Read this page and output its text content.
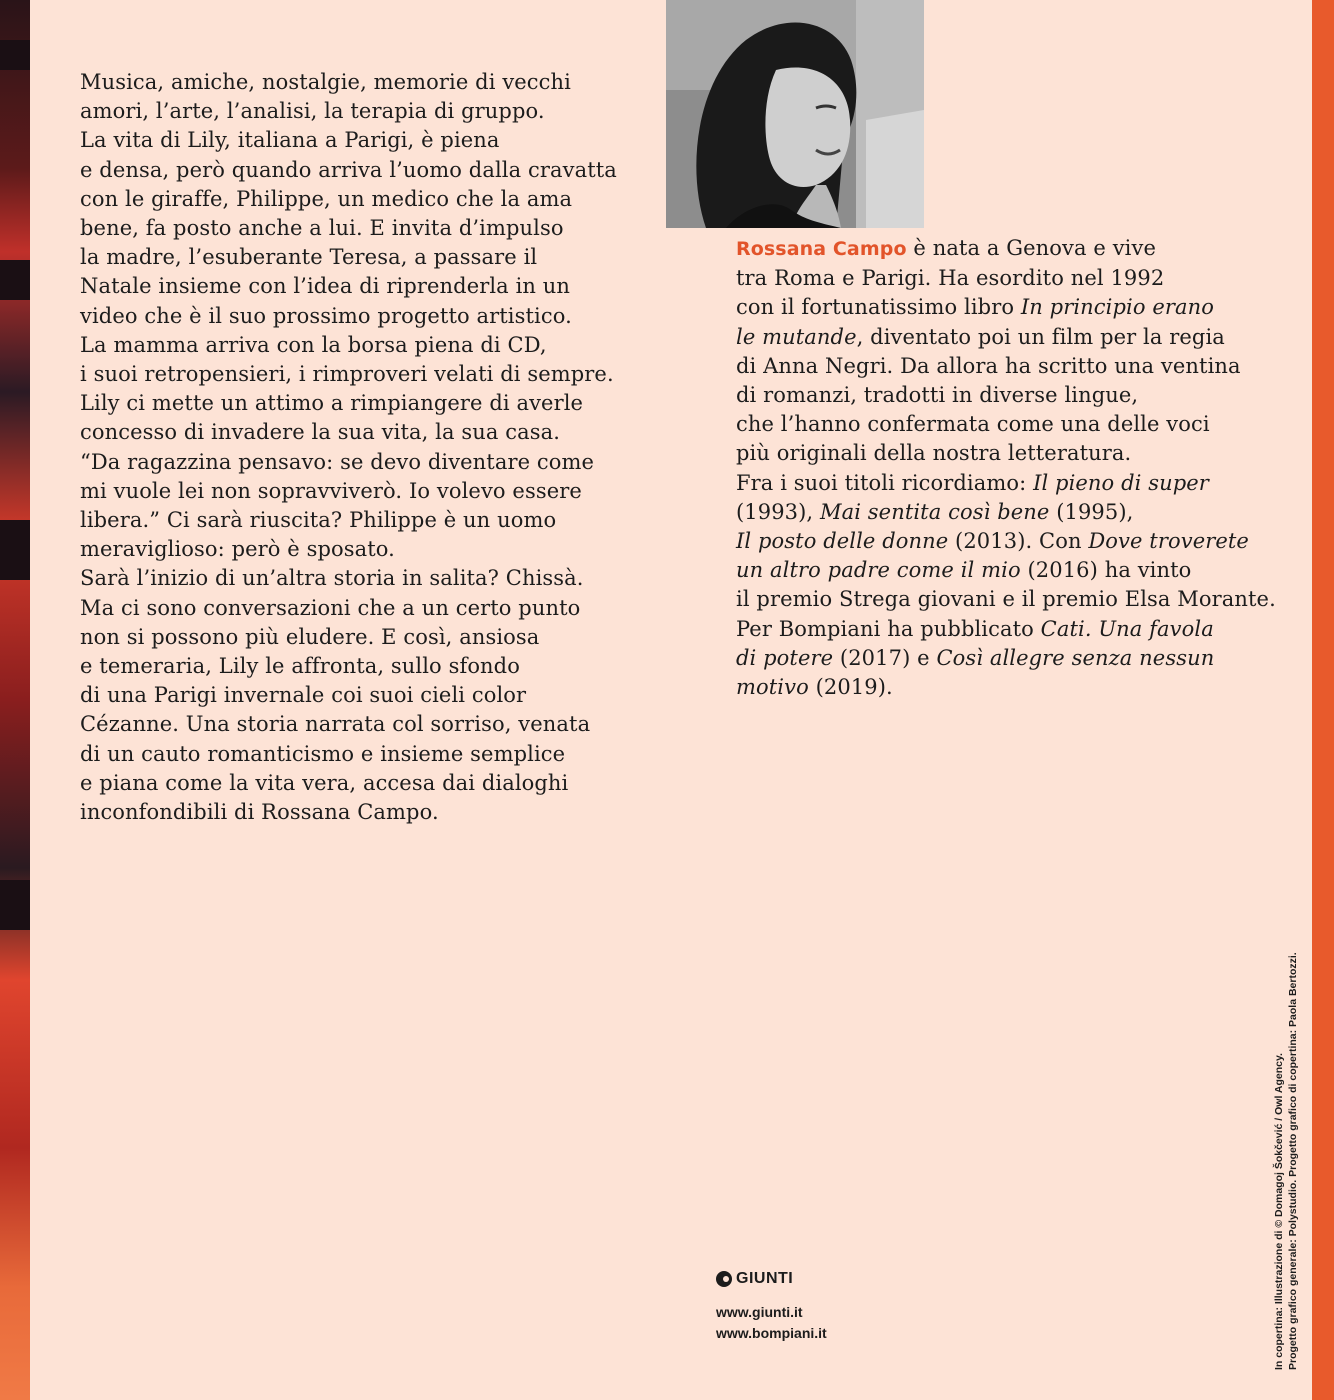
Musica, amiche, nostalgie, memorie di vecchi
amori, l’arte, l’analisi, la terapia di gruppo.
La vita di Lily, italiana a Parigi, è piena
e densa, però quando arriva l’uomo dalla cravatta
con le giraffe, Philippe, un medico che la ama
bene, fa posto anche a lui. E invita d’impulso
la madre, l’esuberante Teresa, a passare il
Natale insieme con l’idea di riprenderla in un
video che è il suo prossimo progetto artistico.
La mamma arriva con la borsa piena di CD,
i suoi retropensieri, i rimproveri velati di sempre.
Lily ci mette un attimo a rimpiangere di averle
concesso di invadere la sua vita, la sua casa.
“Da ragazzina pensavo: se devo diventare come
mi vuole lei non sopravviverò. Io volevo essere
libera.” Ci sarà riuscita? Philippe è un uomo
meraviglioso: però è sposato.
Sarà l’inizio di un’altra storia in salita? Chissà.
Ma ci sono conversazioni che a un certo punto
non si possono più eludere. E così, ansiosa
e temeraria, Lily le affronta, sullo sfondo
di una Parigi invernale coi suoi cieli color
Cézanne. Una storia narrata col sorriso, venata
di un cauto romanticismo e insieme semplice
e piana come la vita vera, accesa dai dialoghi
inconfondibili di Rossana Campo.
Rossana Campo è nata a Genova e vive
tra Roma e Parigi. Ha esordito nel 1992
con il fortunatissimo libro In principio erano
le mutande, diventato poi un film per la regia
di Anna Negri. Da allora ha scritto una ventina
di romanzi, tradotti in diverse lingue,
che l’hanno confermata come una delle voci
più originali della nostra letteratura.
Fra i suoi titoli ricordiamo: Il pieno di super
(1993), Mai sentita così bene (1995),
Il posto delle donne (2013). Con Dove troverete
un altro padre come il mio (2016) ha vinto
il premio Strega giovani e il premio Elsa Morante.
Per Bompiani ha pubblicato Cati. Una favola
di potere (2017) e Così allegre senza nessun
motivo (2019).
GIUNTI
www.giunti.it
www.bompiani.it	In copertina: Illustrazione di © Domagoj Šokčević / Owl Agency. Progetto grafico generale: Polystudio. Progetto grafico di copertina: Paola Bertozzi.
